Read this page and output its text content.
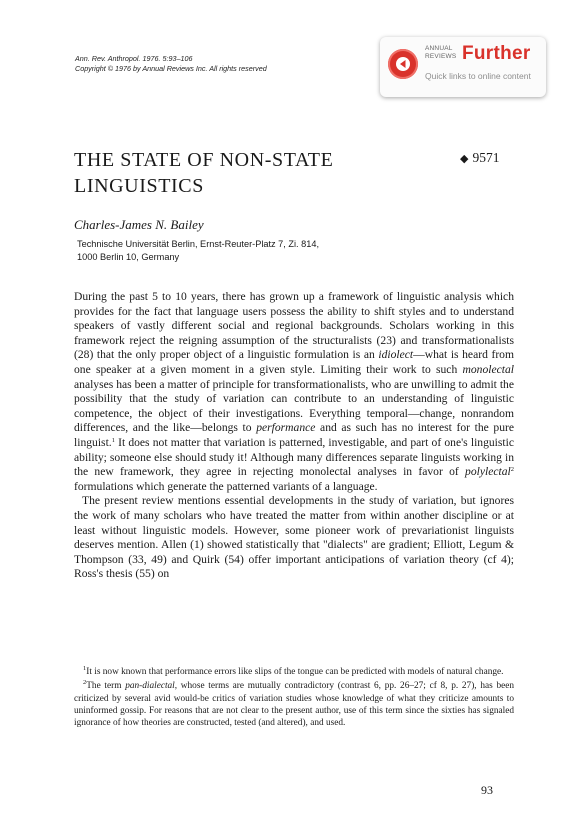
Ann. Rev. Anthropol. 1976. 5:93–106
Copyright © 1976 by Annual Reviews Inc. All rights reserved
ANNUAL
REVIEWS Further
Quick links to online content
THE STATE OF NON-STATE
LINGUISTICS
◆ 9571
Charles-James N. Bailey
Technische Universität Berlin, Ernst-Reuter-Platz 7, Zi. 814,
1000 Berlin 10, Germany

During the past 5 to 10 years, there has grown up a framework of linguistic analysis which provides for the fact that language users possess the ability to shift styles and to understand speakers of vastly different social and regional backgrounds. Scholars working in this framework reject the reigning assumption of the structuralists (23) and transformationalists (28) that the only proper object of a linguistic formulation is an idiolect—what is heard from one speaker at a given moment in a given style. Limiting their work to such monolectal analyses has been a matter of principle for transformationalists, who are unwilling to admit the possibility that the study of variation can contribute to an understanding of linguistic competence, the object of their investigations. Everything temporal—change, nonrandom differences, and the like—belongs to performance and as such has no interest for the pure linguist.$^1$ It does not matter that variation is patterned, investigable, and part of one's linguistic ability; someone else should study it! Although many differences separate linguists working in the new framework, they agree in rejecting monolectal analyses in favor of polylectal$^2$ formulations which generate the patterned variants of a language.

The present review mentions essential developments in the study of variation, but ignores the work of many scholars who have treated the matter from within another discipline or at least without linguistic models. However, some pioneer work of prevariationist linguists deserves mention. Allen (1) showed statistically that "dialects" are gradient; Elliott, Legum & Thompson (33, 49) and Quirk (54) offer important anticipations of variation theory (cf 4); Ross's thesis (55) on

$^1$It is now known that performance errors like slips of the tongue can be predicted with models of natural change.

$^2$The term pan-dialectal, whose terms are mutually contradictory (contrast 6, pp. 26–27; cf 8, p. 27), has been criticized by several avid would-be critics of variation studies whose knowledge of what they criticize amounts to uninformed gossip. For reasons that are not clear to the present author, use of this term since the sixties has signaled ignorance of how theories are constructed, tested (and altered), and used.

93
